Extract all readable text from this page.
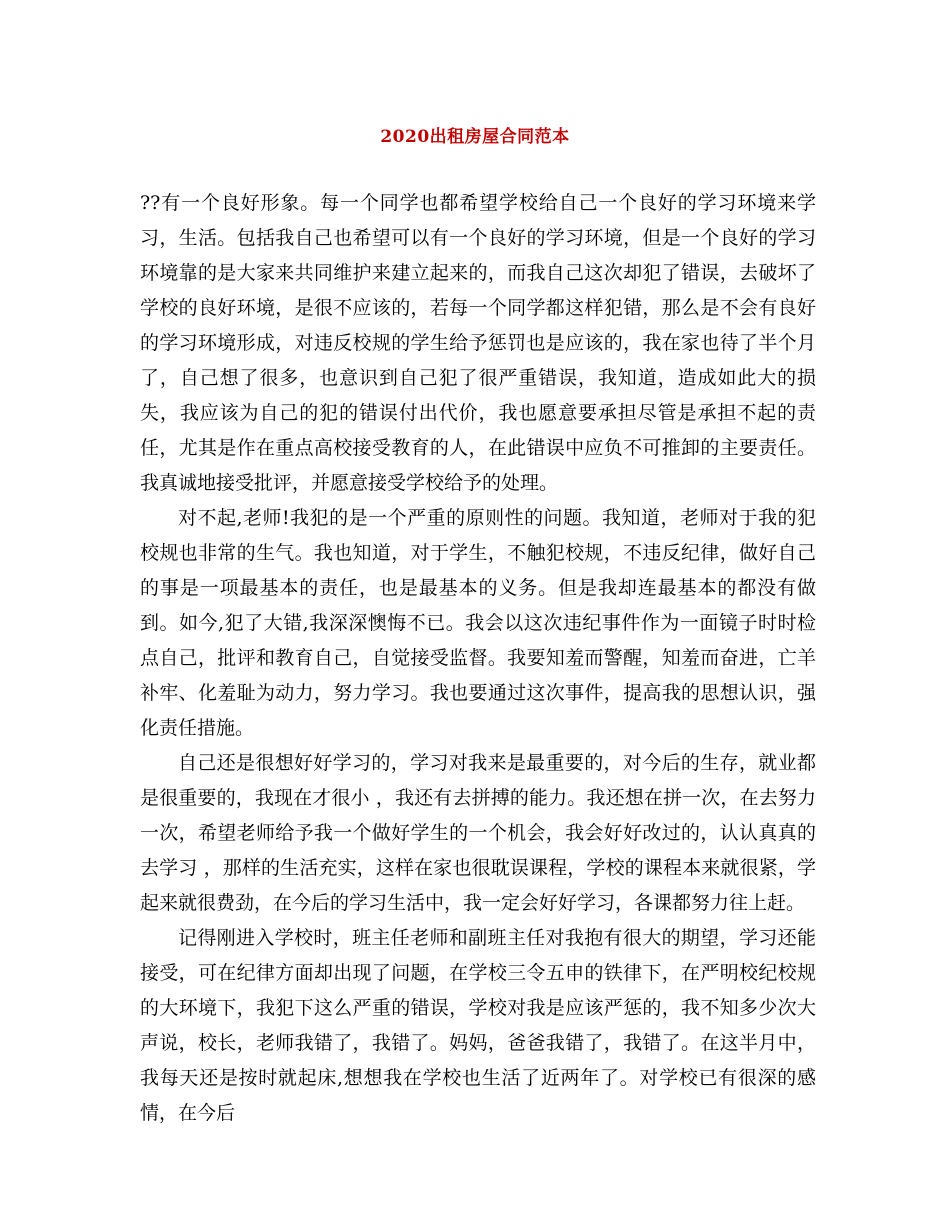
2020出租房屋合同范本

??有一个良好形象。每一个同学也都希望学校给自己一个良好的学习环境来学习，生活。包括我自己也希望可以有一个良好的学习环境，但是一个良好的学习环境靠的是大家来共同维护来建立起来的，而我自己这次却犯了错误，去破坏了学校的良好环境，是很不应该的，若每一个同学都这样犯错，那么是不会有良好的学习环境形成，对违反校规的学生给予惩罚也是应该的，我在家也待了半个月了，自己想了很多，也意识到自己犯了很严重错误，我知道，造成如此大的损失，我应该为自己的犯的错误付出代价，我也愿意要承担尽管是承担不起的责任，尤其是作在重点高校接受教育的人，在此错误中应负不可推卸的主要责任。我真诚地接受批评，并愿意接受学校给予的处理。

对不起,老师!我犯的是一个严重的原则性的问题。我知道，老师对于我的犯校规也非常的生气。我也知道，对于学生，不触犯校规，不违反纪律，做好自己的事是一项最基本的责任，也是最基本的义务。但是我却连最基本的都没有做到。如今,犯了大错,我深深懊悔不已。我会以这次违纪事件作为一面镜子时时检点自己，批评和教育自己，自觉接受监督。我要知羞而警醒，知羞而奋进，亡羊补牢、化羞耻为动力，努力学习。我也要通过这次事件，提高我的思想认识，强化责任措施。

自己还是很想好好学习的，学习对我来是最重要的，对今后的生存，就业都是很重要的，我现在才很小 ，我还有去拼搏的能力。我还想在拼一次，在去努力一次，希望老师给予我一个做好学生的一个机会，我会好好改过的，认认真真的去学习 ，那样的生活充实，这样在家也很耽误课程，学校的课程本来就很紧，学起来就很费劲，在今后的学习生活中，我一定会好好学习，各课都努力往上赶。

记得刚进入学校时，班主任老师和副班主任对我抱有很大的期望，学习还能接受，可在纪律方面却出现了问题，在学校三令五申的铁律下，在严明校纪校规的大环境下，我犯下这么严重的错误，学校对我是应该严惩的，我不知多少次大声说，校长，老师我错了，我错了。妈妈，爸爸我错了，我错了。在这半月中，我每天还是按时就起床,想想我在学校也生活了近两年了。对学校已有很深的感情，在今后
